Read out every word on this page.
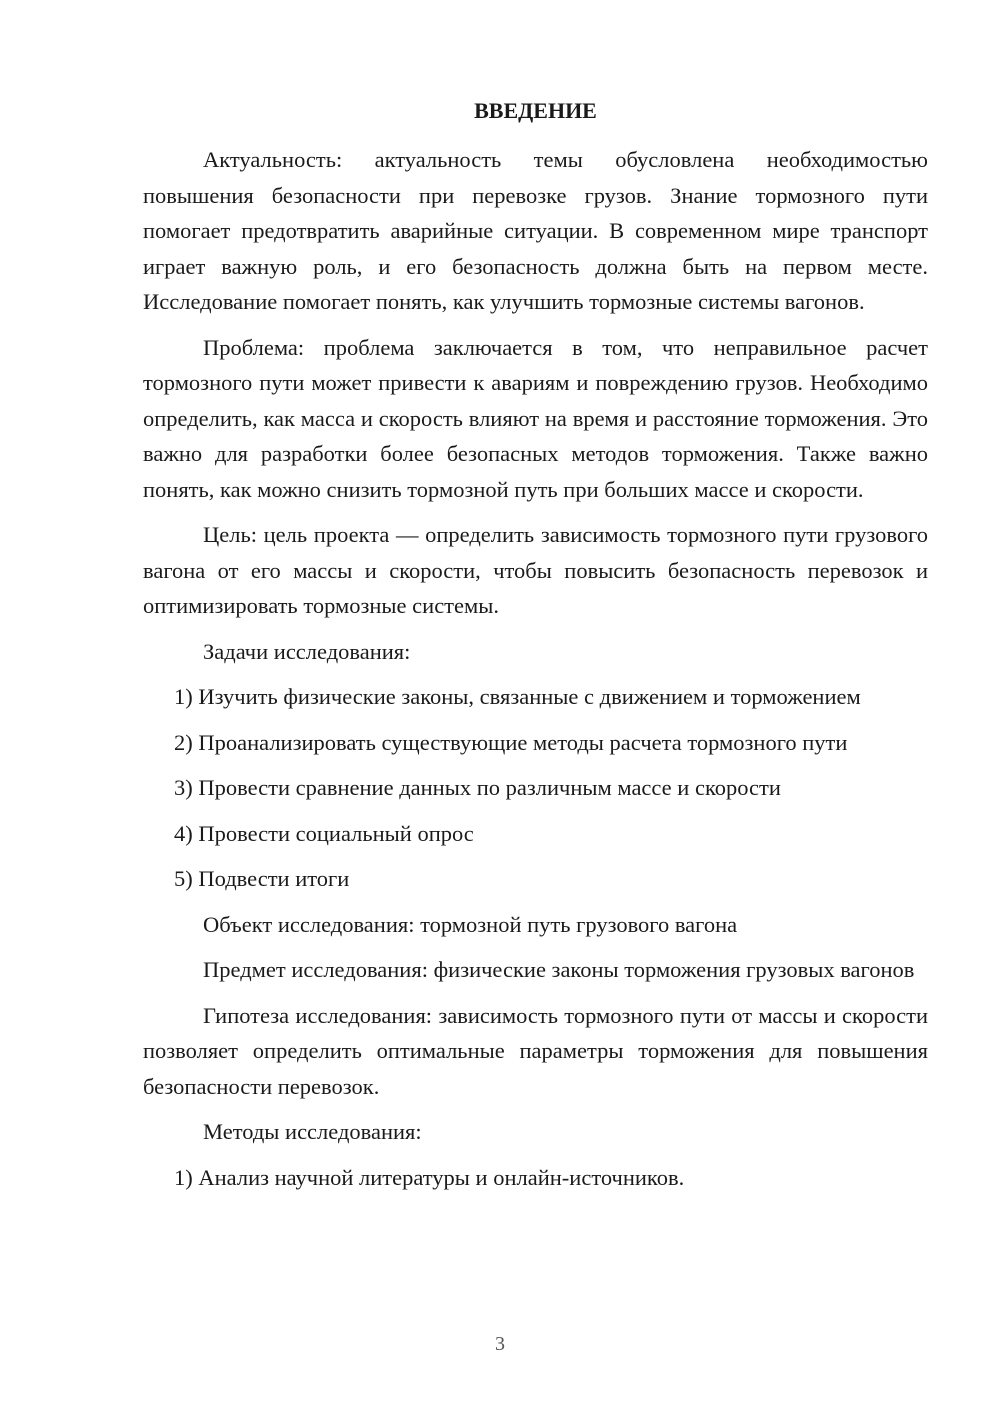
ВВЕДЕНИЕ

Актуальность: актуальность темы обусловлена необходимостью повышения безопасности при перевозке грузов. Знание тормозного пути помогает предотвратить аварийные ситуации. В современном мире транспорт играет важную роль, и его безопасность должна быть на первом месте. Исследование помогает понять, как улучшить тормозные системы вагонов.

Проблема: проблема заключается в том, что неправильное расчет тормозного пути может привести к авариям и повреждению грузов. Необходимо определить, как масса и скорость влияют на время и расстояние торможения. Это важно для разработки более безопасных методов торможения. Также важно понять, как можно снизить тормозной путь при больших массе и скорости.

Цель: цель проекта — определить зависимость тормозного пути грузового вагона от его массы и скорости, чтобы повысить безопасность перевозок и оптимизировать тормозные системы.

Задачи исследования:

1) Изучить физические законы, связанные с движением и торможением

2) Проанализировать существующие методы расчета тормозного пути

3) Провести сравнение данных по различным массе и скорости

4) Провести социальный опрос

5) Подвести итоги

Объект исследования: тормозной путь грузового вагона

Предмет исследования: физические законы торможения грузовых вагонов

Гипотеза исследования: зависимость тормозного пути от массы и скорости позволяет определить оптимальные параметры торможения для повышения безопасности перевозок.

Методы исследования:

1) Анализ научной литературы и онлайн-источников.

3
